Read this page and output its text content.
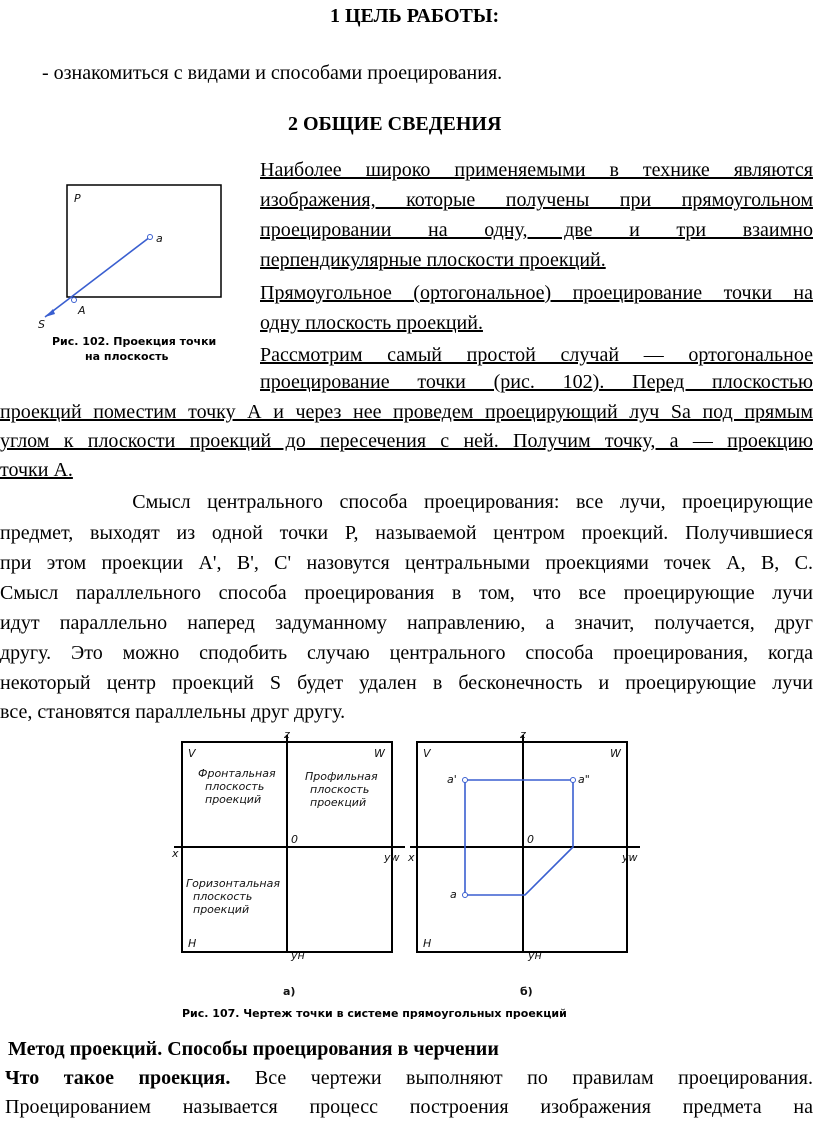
1 ЦЕЛЬ РАБОТЫ:
- ознакомиться с видами и способами проецирования.
2 ОБЩИЕ СВЕДЕНИЯ
P
a
A
S
Рис. 102. Проекция точки
на плоскость
Наиболее широко применяемыми в технике являются
изображения, которые получены при прямоугольном
проецировании на одну, две и три взаимно
перпендикулярные плоскости проекций.
Прямоугольное (ортогональное) проецирование точки на
одну плоскость проекций.
Рассмотрим самый простой случай — ортогональное
проецирование точки (рис. 102). Перед плоскостью
проекций поместим точку А и через нее проведем проецирующий луч Sa под прямым
углом к плоскости проекций до пересечения с ней. Получим точку, а — проекцию
точки А.
Смысл центрального способа проецирования: все лучи, проецирующие
предмет, выходят из одной точки Р, называемой центром проекций. Получившиеся
при этом проекции А', В', С' назовутся центральными проекциями точек А, В, С.
Смысл параллельного способа проецирования в том, что все проецирующие лучи
идут параллельно наперед задуманному направлению, а значит, получается, друг
другу. Это можно сподобить случаю центрального способа проецирования, когда
некоторый центр проекций S будет удален в бесконечность и проецирующие лучи
все, становятся параллельны друг другу.
V	W
H
z
x
0
yw
yн
Фронтальная
плоскость
проекций
Профильная
плоскость
проекций
Горизонтальная
плоскость
проекций
а)
V	W
H
z
x
0
yw
yн
a'	a"
a
б)
Рис. 107. Чертеж точки в системе прямоугольных проекций
Метод проекций. Способы проецирования в черчении
Что такое проекция. Все чертежи выполняют по правилам проецирования.
Проецированием называется процесс построения изображения предмета на
